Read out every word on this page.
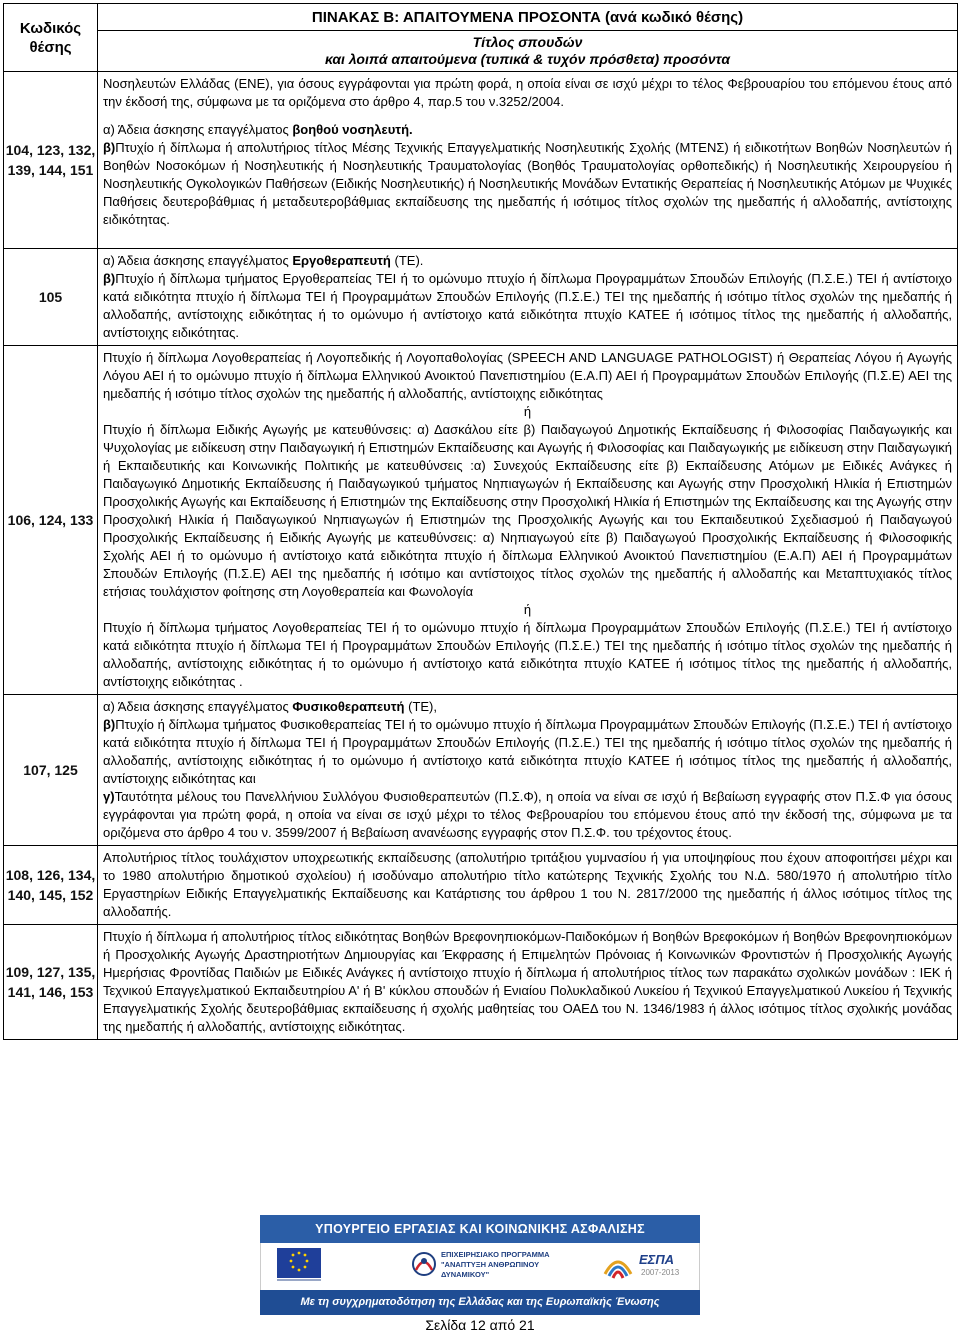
Κωδικός θέσης	ΠΙΝΑΚΑΣ Β: ΑΠΑΙΤΟΥΜΕΝΑ ΠΡΟΣΟΝΤΑ (ανά κωδικό θέσης)

	Τίτλος σπουδών
και λοιπά απαιτούμενα (τυπικά & τυχόν πρόσθετα) προσόντα

104, 123, 132, 139, 144, 151	Νοσηλευτών Ελλάδας (ΕΝΕ), για όσους εγγράφονται για πρώτη φορά, η οποία είναι σε ισχύ μέχρι το τέλος Φεβρουαρίου του επόμενου έτους από την έκδοσή της, σύμφωνα με τα οριζόμενα στο άρθρο 4, παρ.5 του ν.3252/2004.

α) Άδεια άσκησης επαγγέλματος βοηθού νοσηλευτή.

β)Πτυχίο ή δίπλωμα ή απολυτήριος τίτλος Μέσης Τεχνικής Επαγγελματικής Νοσηλευτικής Σχολής (ΜΤΕΝΣ) ή ειδικοτήτων Βοηθών Νοσηλευτών ή Βοηθών Νοσοκόμων ή Νοσηλευτικής ή Νοσηλευτικής Τραυματολογίας (Βοηθός Τραυματολογίας ορθοπεδικής) ή Νοσηλευτικής Χειρουργείου ή Νοσηλευτικής Ογκολογικών Παθήσεων (Ειδικής Νοσηλευτικής) ή Νοσηλευτικής Μονάδων Εντατικής Θεραπείας ή Νοσηλευτικής Ατόμων με Ψυχικές Παθήσεις δευτεροβάθμιας ή μεταδευτεροβάθμιας εκπαίδευσης της ημεδαπής ή ισότιμος τίτλος σχολών της ημεδαπής ή αλλοδαπής, αντίστοιχης ειδικότητας.

105	α) Άδεια άσκησης επαγγέλματος Εργοθεραπευτή (ΤΕ).

β)Πτυχίο ή δίπλωμα τμήματος Εργοθεραπείας ΤΕΙ ή το ομώνυμο πτυχίο ή δίπλωμα Προγραμμάτων Σπουδών Επιλογής (Π.Σ.Ε.) ΤΕΙ ή αντίστοιχο κατά ειδικότητα πτυχίο ή δίπλωμα ΤΕΙ ή Προγραμμάτων Σπουδών Επιλογής (Π.Σ.Ε.) ΤΕΙ της ημεδαπής ή ισότιμο τίτλος σχολών της ημεδαπής ή αλλοδαπής, αντίστοιχης ειδικότητας ή το ομώνυμο ή αντίστοιχο κατά ειδικότητα πτυχίο ΚΑΤΕΕ ή ισότιμος τίτλος της ημεδαπής ή αλλοδαπής, αντίστοιχης ειδικότητας.

106, 124, 133	Πτυχίο ή δίπλωμα Λογοθεραπείας ή Λογοπεδικής ή Λογοπαθολογίας (SPEECH AND LANGUAGE PATHOLOGIST) ή Θεραπείας Λόγου ή Αγωγής Λόγου ΑΕΙ ή το ομώνυμο πτυχίο ή δίπλωμα Ελληνικού Ανοικτού Πανεπιστημίου (Ε.Α.Π) ΑΕΙ ή Προγραμμάτων Σπουδών Επιλογής (Π.Σ.Ε) ΑΕΙ της ημεδαπής ή ισότιμο τίτλος σχολών της ημεδαπής ή αλλοδαπής, αντίστοιχης ειδικότητας

ή

Πτυχίο ή δίπλωμα Ειδικής Αγωγής με κατευθύνσεις: α) Δασκάλου είτε β) Παιδαγωγού Δημοτικής Εκπαίδευσης ή Φιλοσοφίας Παιδαγωγικής και Ψυχολογίας με ειδίκευση στην Παιδαγωγική ή Επιστημών Εκπαίδευσης και Αγωγής ή Φιλοσοφίας και Παιδαγωγικής με ειδίκευση στην Παιδαγωγική ή Εκπαιδευτικής και Κοινωνικής Πολιτικής με κατευθύνσεις :α) Συνεχούς Εκπαίδευσης είτε β) Εκπαίδευσης Ατόμων με Ειδικές Ανάγκες ή Παιδαγωγικό Δημοτικής Εκπαίδευσης ή Παιδαγωγικού τμήματος Νηπιαγωγών ή Εκπαίδευσης και Αγωγής στην Προσχολική Ηλικία ή Επιστημών Προσχολικής Αγωγής και Εκπαίδευσης ή Επιστημών της Εκπαίδευσης στην Προσχολική Ηλικία ή Επιστημών της Εκπαίδευσης και της Αγωγής στην Προσχολική Ηλικία ή Παιδαγωγικού Νηπιαγωγών ή Επιστημών της Προσχολικής Αγωγής και του Εκπαιδευτικού Σχεδιασμού ή Παιδαγωγού Προσχολικής Εκπαίδευσης ή Ειδικής Αγωγής με κατευθύνσεις: α) Νηπιαγωγού είτε β) Παιδαγωγού Προσχολικής Εκπαίδευσης ή Φιλοσοφικής Σχολής ΑΕΙ ή το ομώνυμο ή αντίστοιχο κατά ειδικότητα πτυχίο ή δίπλωμα Ελληνικού Ανοικτού Πανεπιστημίου (Ε.Α.Π) ΑΕΙ ή Προγραμμάτων Σπουδών Επιλογής (Π.Σ.Ε) ΑΕΙ της ημεδαπής ή ισότιμο και αντίστοιχος τίτλος σχολών της ημεδαπής ή αλλοδαπής και Μεταπτυχιακός τίτλος ετήσιας τουλάχιστον φοίτησης στη Λογοθεραπεία και Φωνολογία

ή

Πτυχίο ή δίπλωμα τμήματος Λογοθεραπείας ΤΕΙ ή το ομώνυμο πτυχίο ή δίπλωμα Προγραμμάτων Σπουδών Επιλογής (Π.Σ.Ε.) ΤΕΙ ή αντίστοιχο κατά ειδικότητα πτυχίο ή δίπλωμα ΤΕΙ ή Προγραμμάτων Σπουδών Επιλογής (Π.Σ.Ε.) ΤΕΙ της ημεδαπής ή ισότιμο τίτλος σχολών της ημεδαπής ή αλλοδαπής, αντίστοιχης ειδικότητας ή το ομώνυμο ή αντίστοιχο κατά ειδικότητα πτυχίο ΚΑΤΕΕ ή ισότιμος τίτλος της ημεδαπής ή αλλοδαπής, αντίστοιχης ειδικότητας .

107, 125	α) Άδεια άσκησης επαγγέλματος Φυσικοθεραπευτή (ΤΕ),

β)Πτυχίο ή δίπλωμα τμήματος Φυσικοθεραπείας ΤΕΙ ή το ομώνυμο πτυχίο ή δίπλωμα Προγραμμάτων Σπουδών Επιλογής (Π.Σ.Ε.) ΤΕΙ ή αντίστοιχο κατά ειδικότητα πτυχίο ή δίπλωμα ΤΕΙ ή Προγραμμάτων Σπουδών Επιλογής (Π.Σ.Ε.) ΤΕΙ της ημεδαπής ή ισότιμο τίτλος σχολών της ημεδαπής ή αλλοδαπής, αντίστοιχης ειδικότητας ή το ομώνυμο ή αντίστοιχο κατά ειδικότητα πτυχίο ΚΑΤΕΕ ή ισότιμος τίτλος της ημεδαπής ή αλλοδαπής, αντίστοιχης ειδικότητας και

γ)Ταυτότητα μέλους του Πανελλήνιου Συλλόγου Φυσιοθεραπευτών (Π.Σ.Φ), η οποία να είναι σε ισχύ ή Βεβαίωση εγγραφής στον Π.Σ.Φ για όσους εγγράφονται για πρώτη φορά, η οποία να είναι σε ισχύ μέχρι το τέλος Φεβρουαρίου του επόμενου έτους από την έκδοσή της, σύμφωνα με τα οριζόμενα στο άρθρο 4 του ν. 3599/2007 ή Βεβαίωση ανανέωσης εγγραφής στον Π.Σ.Φ. του τρέχοντος έτους.

108, 126, 134, 140, 145, 152	Απολυτήριος τίτλος τουλάχιστον υποχρεωτικής εκπαίδευσης (απολυτήριο τριτάξιου γυμνασίου ή για υποψηφίους που έχουν αποφοιτήσει μέχρι και το 1980 απολυτήριο δημοτικού σχολείου) ή ισοδύναμο απολυτήριο τίτλο κατώτερης Τεχνικής Σχολής του Ν.Δ. 580/1970 ή απολυτήριο τίτλο Εργαστηρίων Ειδικής Επαγγελματικής Εκπαίδευσης και Κατάρτισης του άρθρου 1 του Ν. 2817/2000 της ημεδαπής ή άλλος ισότιμος τίτλος της αλλοδαπής.

109, 127, 135, 141, 146, 153	Πτυχίο ή δίπλωμα ή απολυτήριος τίτλος ειδικότητας Βοηθών Βρεφονηπιοκόμων-Παιδοκόμων ή Βοηθών Βρεφοκόμων ή Βοηθών Βρεφονηπιοκόμων ή Προσχολικής Αγωγής Δραστηριοτήτων Δημιουργίας και Έκφρασης ή Επιμελητών Πρόνοιας ή Κοινωνικών Φροντιστών ή Προσχολικής Αγωγής Ημερήσιας Φροντίδας Παιδιών με Ειδικές Ανάγκες ή αντίστοιχο πτυχίο ή δίπλωμα ή απολυτήριος τίτλος των παρακάτω σχολικών μονάδων : ΙΕΚ ή Τεχνικού Επαγγελματικού Εκπαιδευτηρίου Α' ή Β' κύκλου σπουδών ή Ενιαίου Πολυκλαδικού Λυκείου ή Τεχνικού Επαγγελματικού Λυκείου ή Τεχνικής Επαγγελματικής Σχολής δευτεροβάθμιας εκπαίδευσης ή σχολής μαθητείας του ΟΑΕΔ του Ν. 1346/1983 ή άλλος ισότιμος τίτλος σχολικής μονάδας της ημεδαπής ή αλλοδαπής, αντίστοιχης ειδικότητας.

ΥΠΟΥΡΓΕΙΟ ΕΡΓΑΣΙΑΣ ΚΑΙ ΚΟΙΝΩΝΙΚΗΣ ΑΣΦΑΛΙΣΗΣ
ΕΠΙΧΕΙΡΗΣΙΑΚΟ ΠΡΟΓΡΑΜΜΑ
"ΑΝΑΠΤΥΞΗ ΑΝΘΡΩΠΙΝΟΥ ΔΥΝΑΜΙΚΟΥ"
ΕΣΠΑ
2007-2013
Με τη συγχρηματοδότηση της Ελλάδας και της Ευρωπαϊκής Ένωσης
Σελίδα 12 από 21
